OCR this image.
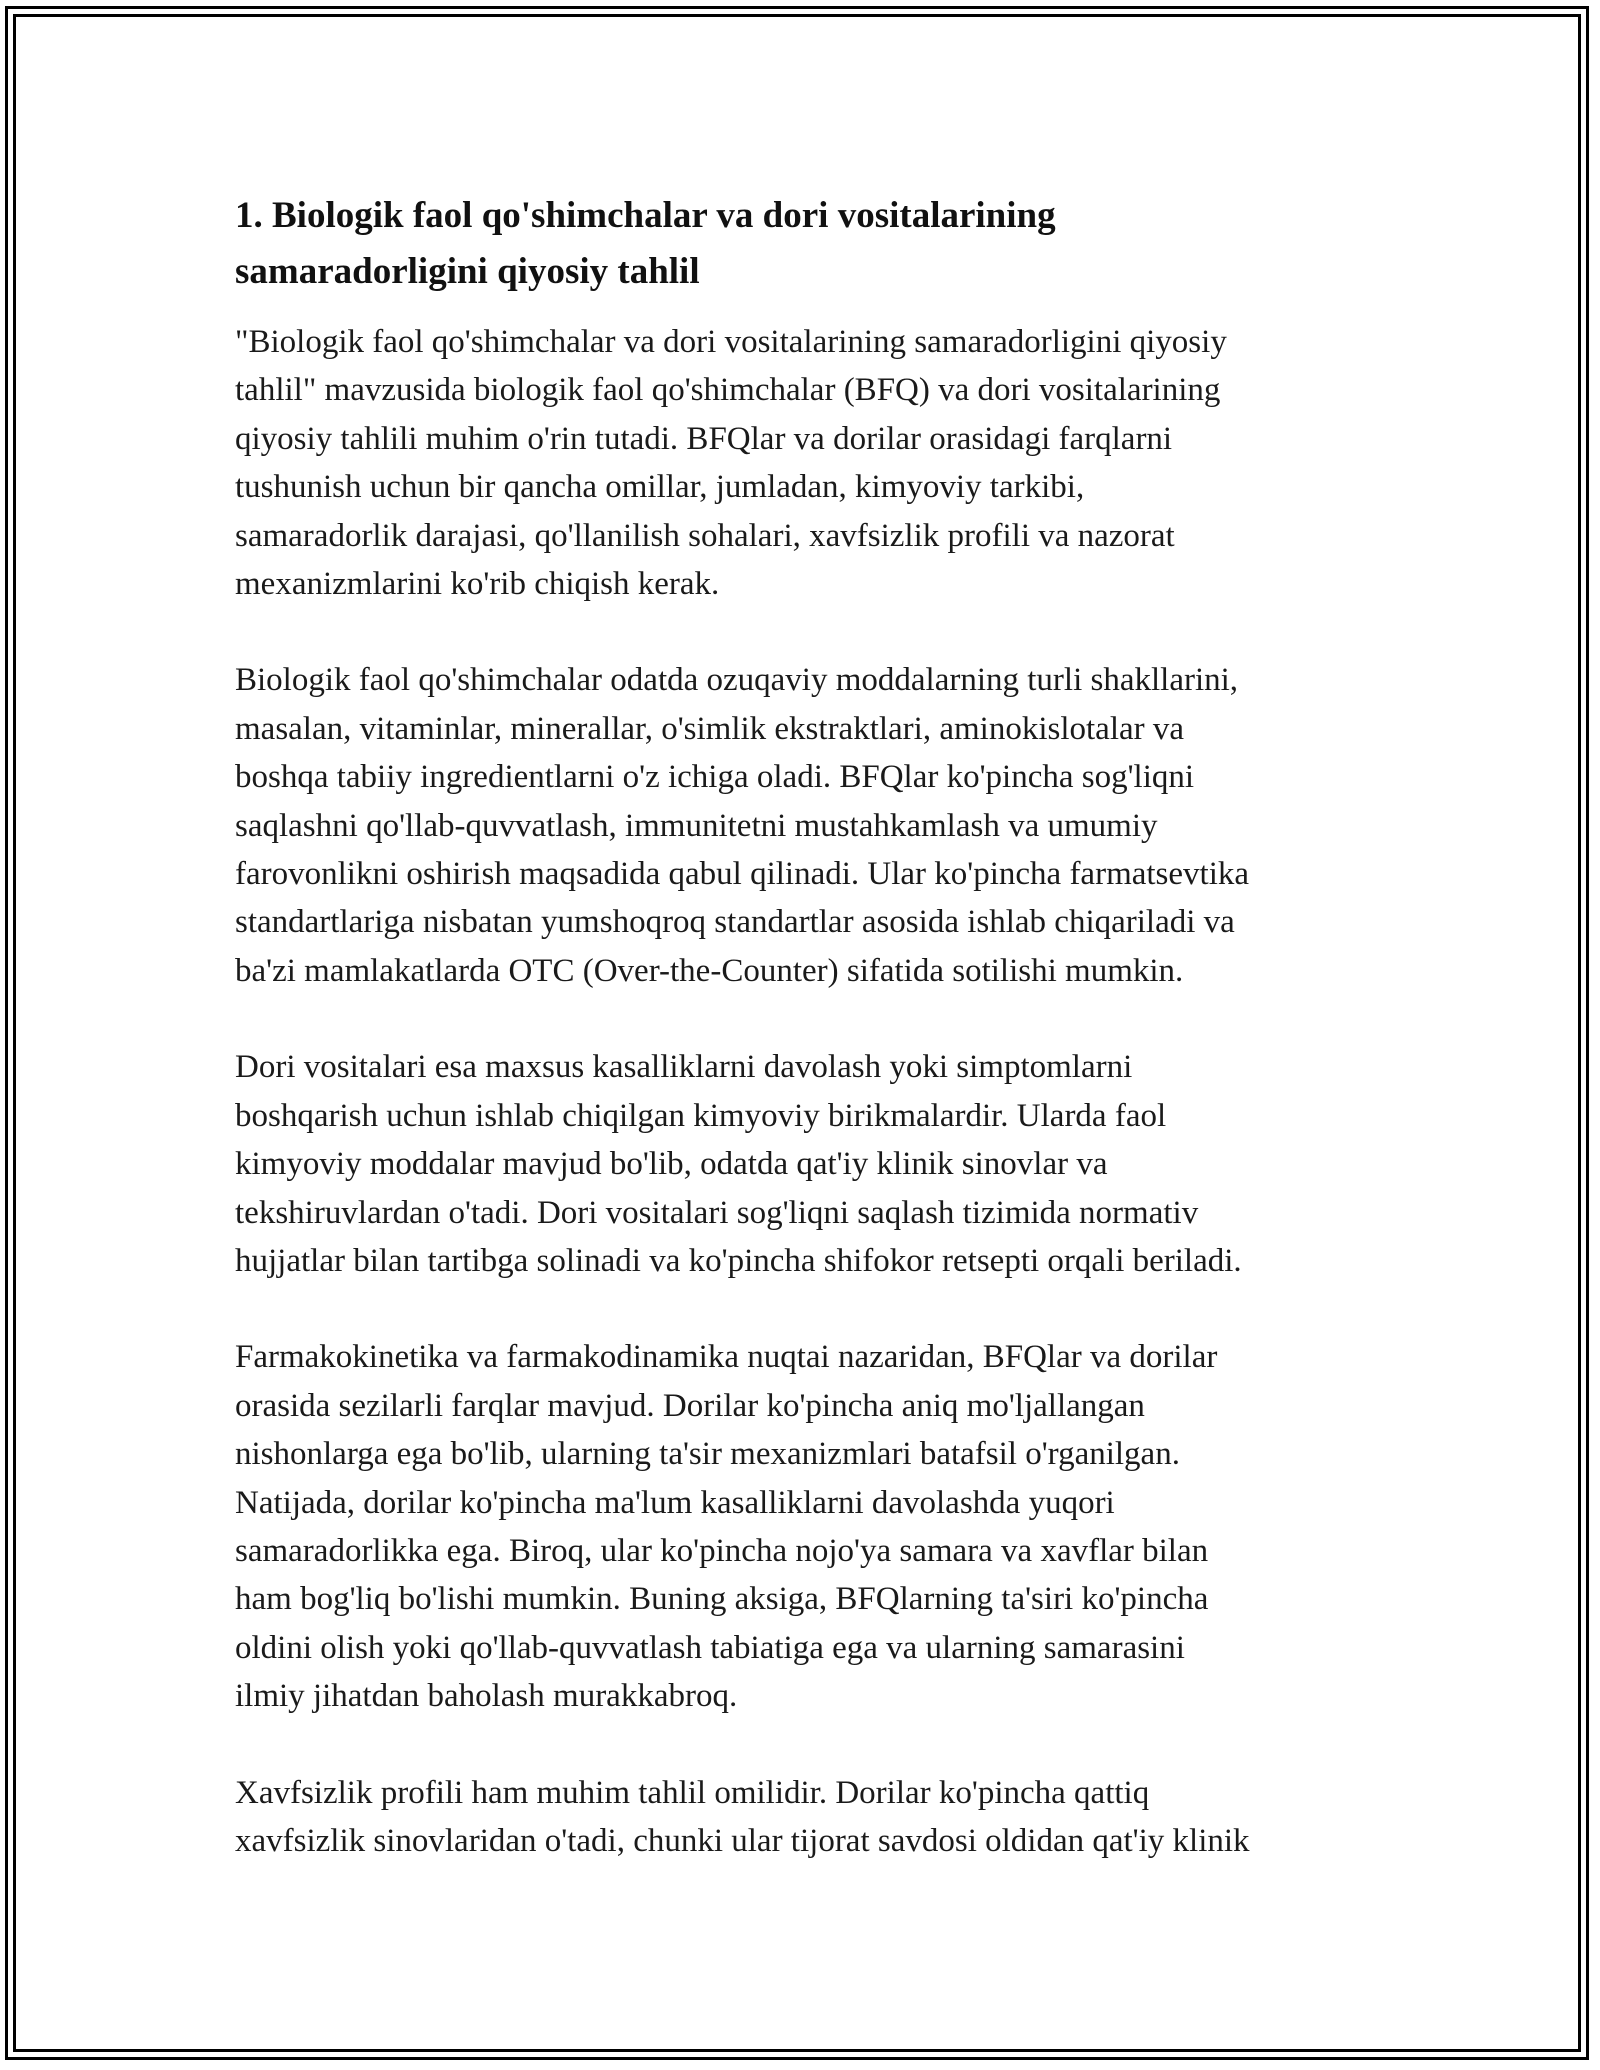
1. Biologik faol qo'shimchalar va dori vositalarining
samaradorligini qiyosiy tahlil

"Biologik faol qo'shimchalar va dori vositalarining samaradorligini qiyosiy
tahlil" mavzusida biologik faol qo'shimchalar (BFQ) va dori vositalarining
qiyosiy tahlili muhim o'rin tutadi. BFQlar va dorilar orasidagi farqlarni
tushunish uchun bir qancha omillar, jumladan, kimyoviy tarkibi,
samaradorlik darajasi, qo'llanilish sohalari, xavfsizlik profili va nazorat
mexanizmlarini ko'rib chiqish kerak.

Biologik faol qo'shimchalar odatda ozuqaviy moddalarning turli shakllarini,
masalan, vitaminlar, minerallar, o'simlik ekstraktlari, aminokislotalar va
boshqa tabiiy ingredientlarni o'z ichiga oladi. BFQlar ko'pincha sog'liqni
saqlashni qo'llab-quvvatlash, immunitetni mustahkamlash va umumiy
farovonlikni oshirish maqsadida qabul qilinadi. Ular ko'pincha farmatsevtika
standartlariga nisbatan yumshoqroq standartlar asosida ishlab chiqariladi va
ba'zi mamlakatlarda OTC (Over-the-Counter) sifatida sotilishi mumkin.

Dori vositalari esa maxsus kasalliklarni davolash yoki simptomlarni
boshqarish uchun ishlab chiqilgan kimyoviy birikmalardir. Ularda faol
kimyoviy moddalar mavjud bo'lib, odatda qat'iy klinik sinovlar va
tekshiruvlardan o'tadi. Dori vositalari sog'liqni saqlash tizimida normativ
hujjatlar bilan tartibga solinadi va ko'pincha shifokor retsepti orqali beriladi.

Farmakokinetika va farmakodinamika nuqtai nazaridan, BFQlar va dorilar
orasida sezilarli farqlar mavjud. Dorilar ko'pincha aniq mo'ljallangan
nishonlarga ega bo'lib, ularning ta'sir mexanizmlari batafsil o'rganilgan.
Natijada, dorilar ko'pincha ma'lum kasalliklarni davolashda yuqori
samaradorlikka ega. Biroq, ular ko'pincha nojo'ya samara va xavflar bilan
ham bog'liq bo'lishi mumkin. Buning aksiga, BFQlarning ta'siri ko'pincha
oldini olish yoki qo'llab-quvvatlash tabiatiga ega va ularning samarasini
ilmiy jihatdan baholash murakkabroq.

Xavfsizlik profili ham muhim tahlil omilidir. Dorilar ko'pincha qattiq
xavfsizlik sinovlaridan o'tadi, chunki ular tijorat savdosi oldidan qat'iy klinik
